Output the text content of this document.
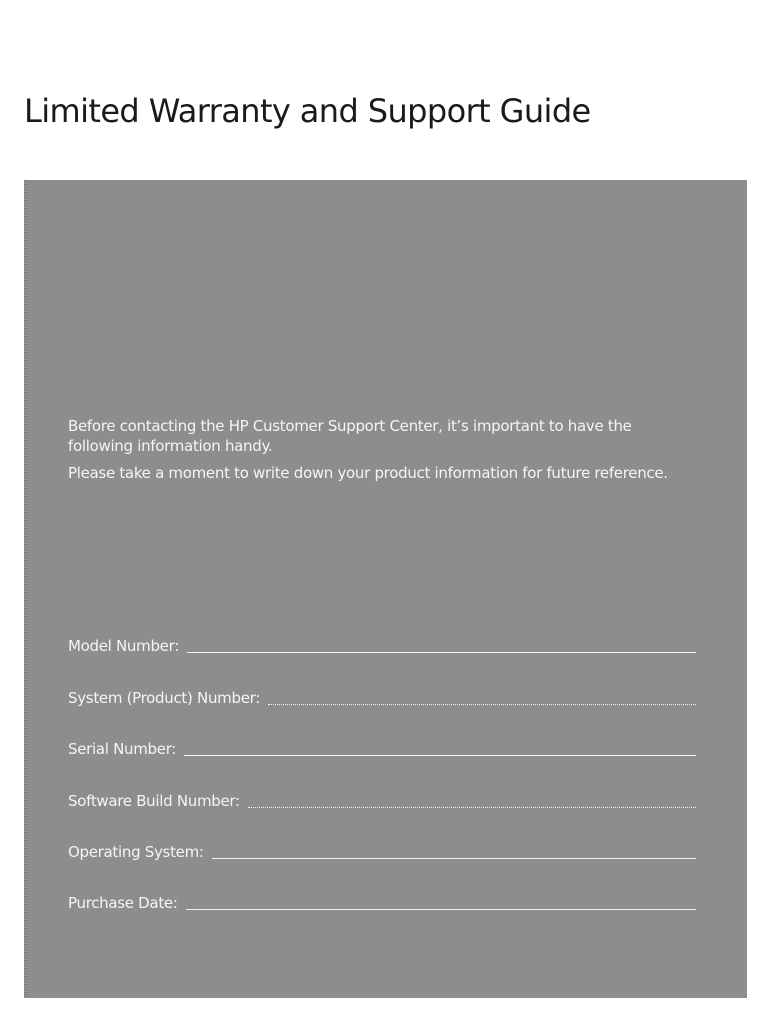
Limited Warranty and Support Guide

Before contacting the HP Customer Support Center, it’s important to have the following information handy.

Please take a moment to write down your product information for future reference.

Model Number:
System (Product) Number:
Serial Number:
Software Build Number:
Operating System:
Purchase Date:
